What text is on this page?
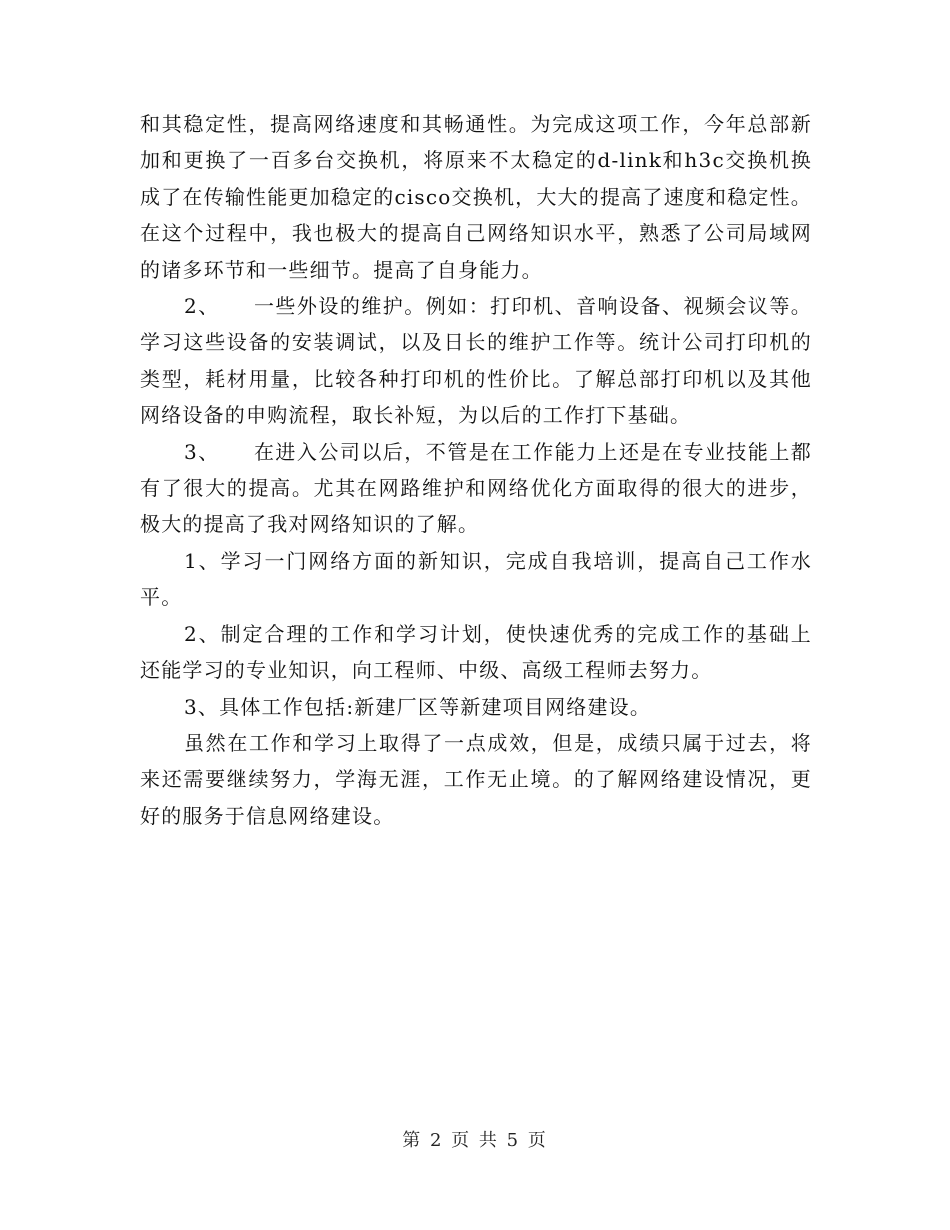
和其稳定性，提高网络速度和其畅通性。为完成这项工作，今年总部新加和更换了一百多台交换机，将原来不太稳定的d-link和h3c交换机换成了在传输性能更加稳定的cisco交换机，大大的提高了速度和稳定性。在这个过程中，我也极大的提高自己网络知识水平，熟悉了公司局域网的诸多环节和一些细节。提高了自身能力。

2、 一些外设的维护。例如：打印机、音响设备、视频会议等。学习这些设备的安装调试，以及日长的维护工作等。统计公司打印机的类型，耗材用量，比较各种打印机的性价比。了解总部打印机以及其他网络设备的申购流程，取长补短，为以后的工作打下基础。

3、 在进入公司以后，不管是在工作能力上还是在专业技能上都有了很大的提高。尤其在网路维护和网络优化方面取得的很大的进步，极大的提高了我对网络知识的了解。

1、学习一门网络方面的新知识，完成自我培训，提高自己工作水平。

2、制定合理的工作和学习计划，使快速优秀的完成工作的基础上还能学习的专业知识，向工程师、中级、高级工程师去努力。

3、具体工作包括:新建厂区等新建项目网络建设。

虽然在工作和学习上取得了一点成效，但是，成绩只属于过去，将来还需要继续努力，学海无涯，工作无止境。的了解网络建设情况，更好的服务于信息网络建设。

第 2 页 共 5 页
